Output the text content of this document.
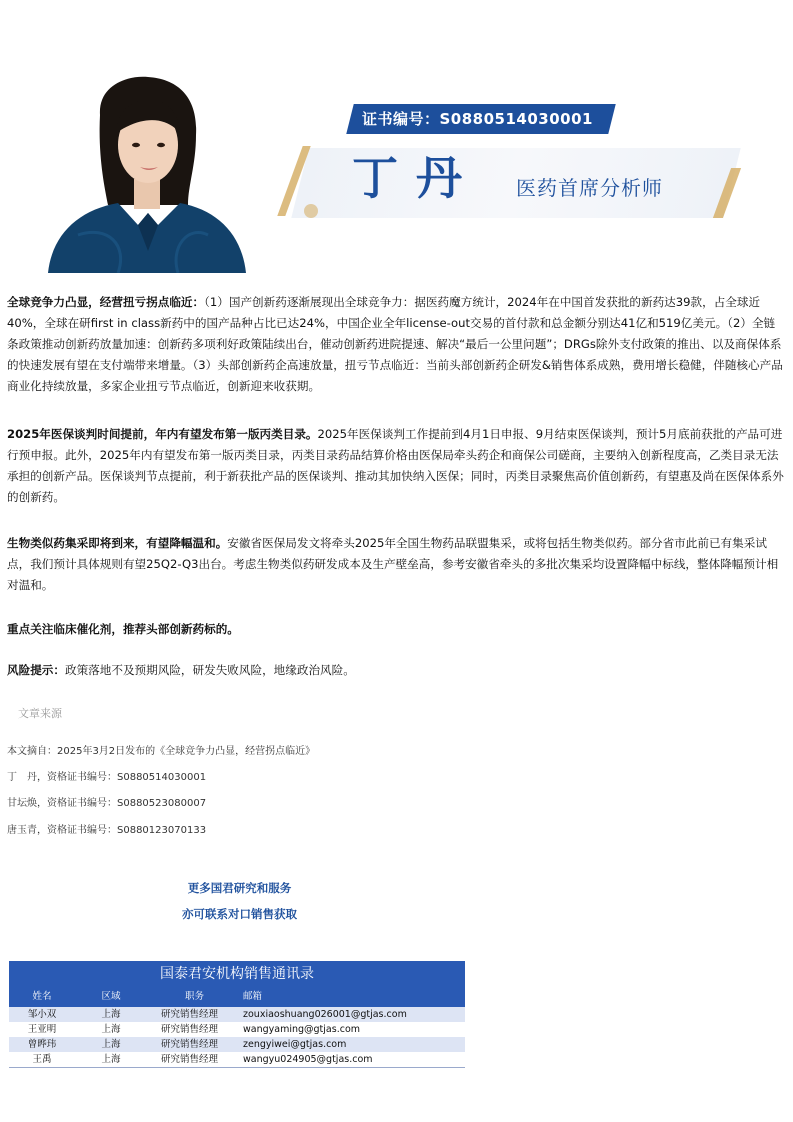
证书编号：S0880514030001
丁丹 医药首席分析师

全球竞争力凸显，经营扭亏拐点临近：（1）国产创新药逐渐展现出全球竞争力：据医药魔方统计，2024年在中国首发获批的新药达39款，占全球近40%，全球在研first in class新药中的国产品种占比已达24%，中国企业全年license-out交易的首付款和总金额分别达41亿和519亿美元。（2）全链条政策推动创新药放量加速：创新药多项利好政策陆续出台，催动创新药进院提速、解决“最后一公里问题”；DRGs除外支付政策的推出、以及商保体系的快速发展有望在支付端带来增量。（3）头部创新药企高速放量，扭亏节点临近：当前头部创新药企研发&销售体系成熟，费用增长稳健，伴随核心产品商业化持续放量，多家企业扭亏节点临近，创新迎来收获期。

2025年医保谈判时间提前，年内有望发布第一版丙类目录。2025年医保谈判工作提前到4月1日申报、9月结束医保谈判，预计5月底前获批的产品可进行预申报。此外，2025年内有望发布第一版丙类目录，丙类目录药品结算价格由医保局牵头药企和商保公司磋商，主要纳入创新程度高，乙类目录无法承担的创新产品。医保谈判节点提前，利于新获批产品的医保谈判、推动其加快纳入医保；同时，丙类目录聚焦高价值创新药，有望惠及尚在医保体系外的创新药。

生物类似药集采即将到来，有望降幅温和。安徽省医保局发文将牵头2025年全国生物药品联盟集采，或将包括生物类似药。部分省市此前已有集采试点，我们预计具体规则有望25Q2-Q3出台。考虑生物类似药研发成本及生产壁垒高，参考安徽省牵头的多批次集采均设置降幅中标线，整体降幅预计相对温和。

重点关注临床催化剂，推荐头部创新药标的。

风险提示：政策落地不及预期风险，研发失败风险，地缘政治风险。

文章来源
本文摘自：2025年3月2日发布的《全球竞争力凸显，经营拐点临近》
丁　丹，资格证书编号：S0880514030001
甘坛焕，资格证书编号：S0880523080007
唐玉青，资格证书编号：S0880123070133
更多国君研究和服务
亦可联系对口销售获取
国泰君安机构销售通讯录
姓名	区域	职务	邮箱
邹小双	上海	研究销售经理	zouxiaoshuang026001@gtjas.com
王亚明	上海	研究销售经理	wangyaming@gtjas.com
曾晔玮	上海	研究销售经理	zengyiwei@gtjas.com
王禹	上海	研究销售经理	wangyu024905@gtjas.com
